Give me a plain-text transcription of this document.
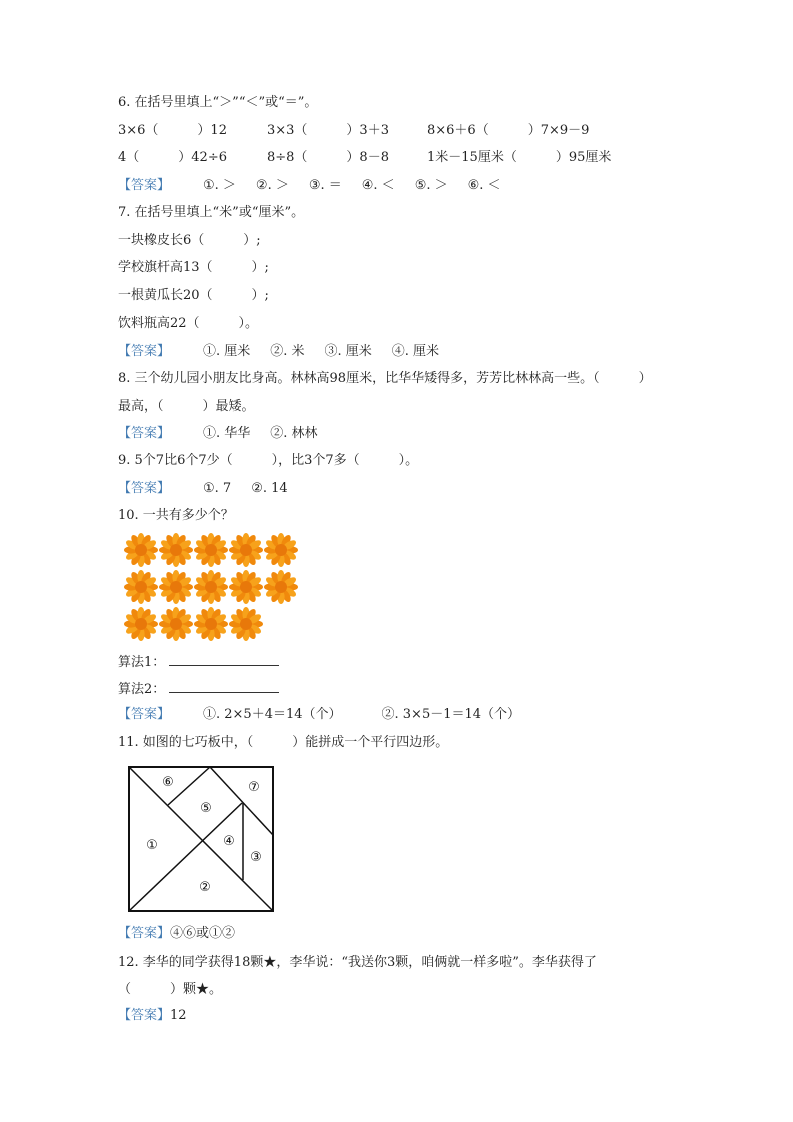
6. 在括号里填上“＞”“＜”或“＝”。
3×6（　　　）12	3×3（　　　）3＋3	8×6＋6（　　　）7×9－9
4（　　　）42÷6	8÷8（　　　）8－8	1米－15厘米（　　　）95厘米
【答案】	①. ＞	②. ＞	③. ＝	④. ＜	⑤. ＞	⑥. ＜
7. 在括号里填上“米”或“厘米”。
一块橡皮长6（　　　）;
学校旗杆高13（　　　）;
一根黄瓜长20（　　　）;
饮料瓶高22（　　　）。
【答案】	①. 厘米	②. 米	③. 厘米	④. 厘米
8. 三个幼儿园小朋友比身高。林林高98厘米，比华华矮得多，芳芳比林林高一些。（　　　）
最高，（　　　）最矮。
【答案】	①. 华华	②. 林林
9. 5个7比6个7少（　　　），比3个7多（　　　）。
【答案】	①. 7	②. 14
10. 一共有多少个？
算法1：
算法2：
【答案】	①. 2×5＋4＝14（个）	②. 3×5－1＝14（个）
11. 如图的七巧板中，（　　　）能拼成一个平行四边形。
①
②
③
④
⑤
⑥	⑦
【答案】 ④⑥或①②
12. 李华的同学获得18颗★，李华说：“我送你3颗，咱俩就一样多啦”。李华获得了
（　　　）颗★。
【答案】 12
